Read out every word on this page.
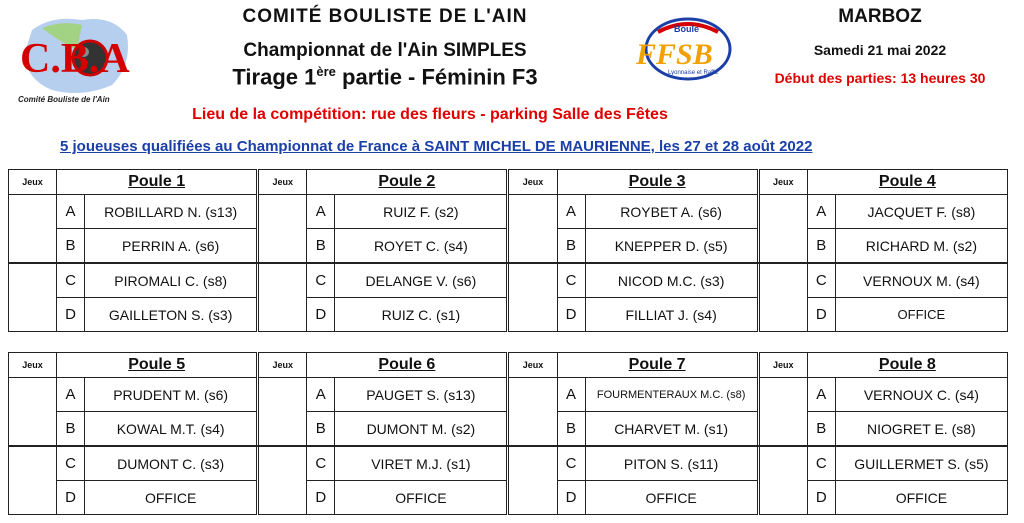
C.B.A
Comité Bouliste de l'Ain
COMITÉ BOULISTE DE L'AIN
Championnat de l'Ain SIMPLES
Tirage 1ère partie - Féminin F3
Boule
FFSB
Lyonnaise et Raffa
MARBOZ
Samedi 21 mai 2022
Début des parties: 13 heures 30
Lieu de la compétition: rue des fleurs - parking Salle des Fêtes
5 joueuses qualifiées au Championnat de France à SAINT MICHEL DE MAURIENNE, les 27 et 28 août 2022
Jeux	Poule 1			Jeux	Poule 2			Jeux	Poule 3			Jeux	Poule 4	
	A	ROBILLARD N. (s13)			A	RUIZ F. (s2)			A	ROYBET A. (s6)			A	JACQUET F. (s8)
	B	PERRIN A. (s6)			B	ROYET C. (s4)			B	KNEPPER D. (s5)			B	RICHARD M. (s2)
	C	PIROMALI C. (s8)			C	DELANGE V. (s6)			C	NICOD M.C. (s3)			C	VERNOUX M. (s4)
	D	GAILLETON S. (s3)			D	RUIZ C. (s1)			D	FILLIAT J. (s4)			D	OFFICE
Jeux	Poule 5			Jeux	Poule 6			Jeux	Poule 7			Jeux	Poule 8	
	A	PRUDENT M. (s6)			A	PAUGET S. (s13)			A	FOURMENTERAUX M.C. (s8)			A	VERNOUX C. (s4)
	B	KOWAL M.T. (s4)			B	DUMONT M. (s2)			B	CHARVET M. (s1)			B	NIOGRET E. (s8)
	C	DUMONT C. (s3)			C	VIRET M.J. (s1)			C	PITON S. (s11)			C	GUILLERMET S. (s5)
	D	OFFICE			D	OFFICE			D	OFFICE			D	OFFICE
